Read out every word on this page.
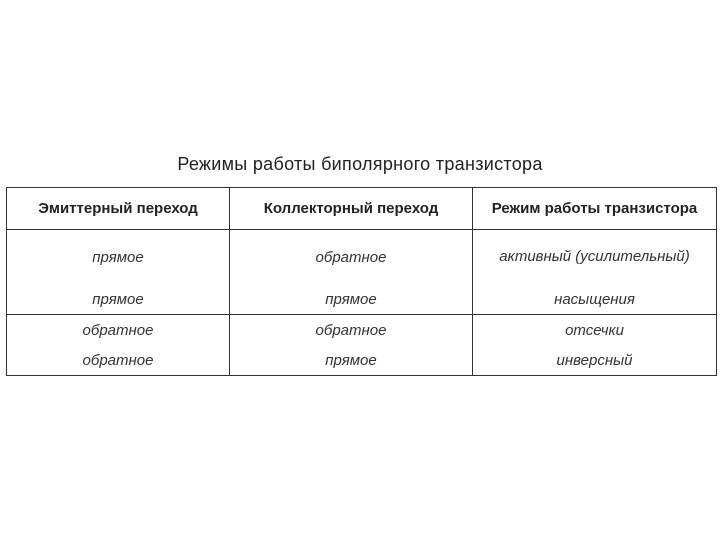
Режимы работы биполярного транзистора
Эмиттерный переход	Коллекторный переход	Режим работы транзистора
прямое	обратное	активный (усилительный)
прямое	прямое	насыщения
обратное	обратное	отсечки
обратное	прямое	инверсный
